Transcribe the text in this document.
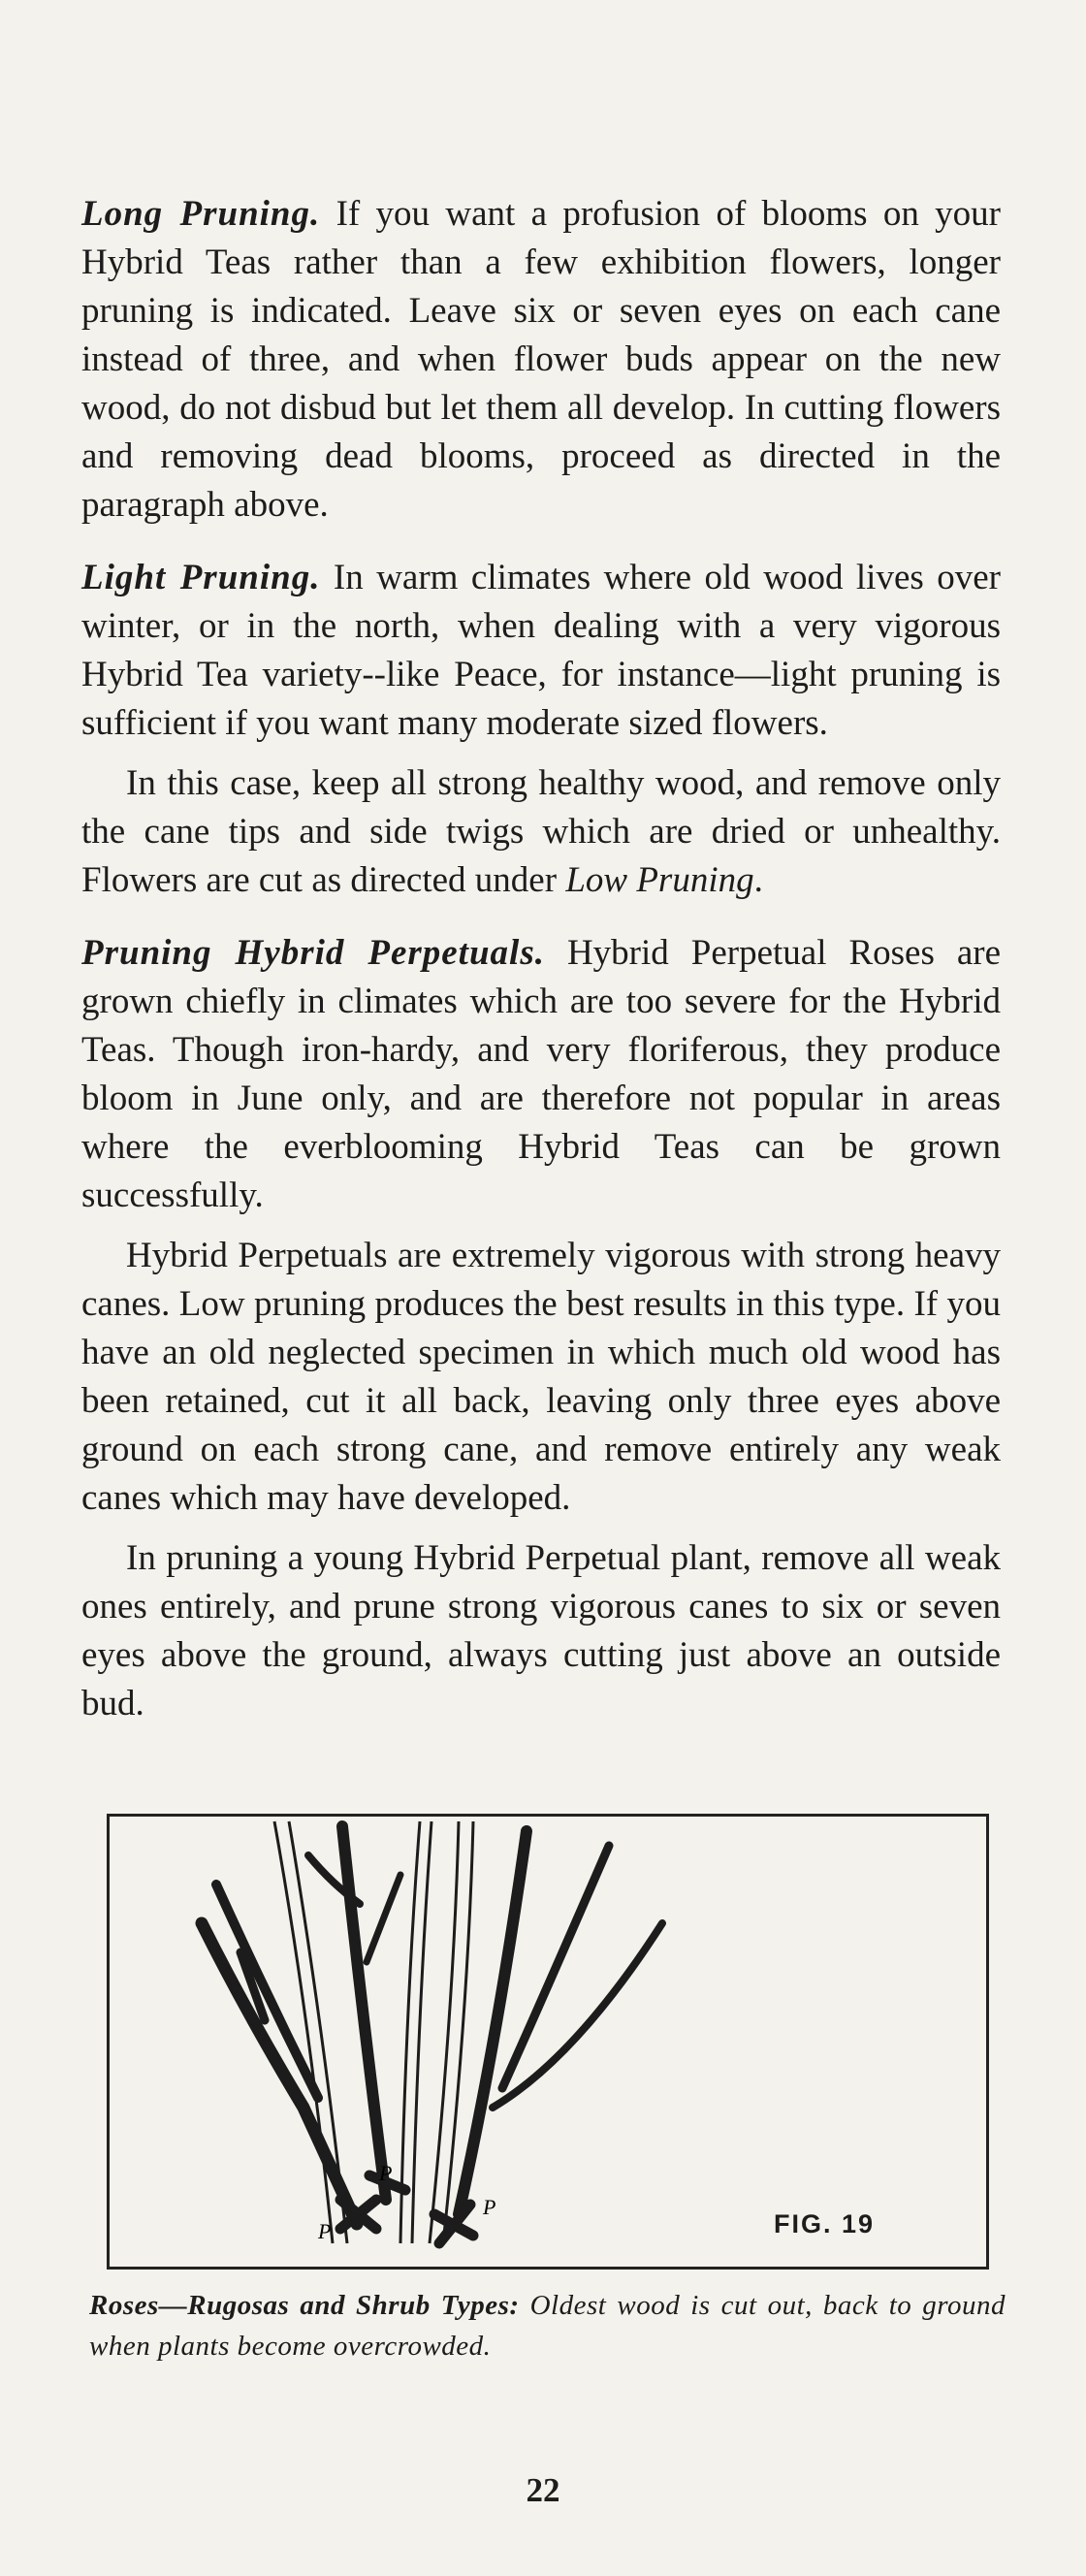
Long Pruning. If you want a profusion of blooms on your Hybrid Teas rather than a few exhibition flowers, longer pruning is indicated. Leave six or seven eyes on each cane instead of three, and when flower buds appear on the new wood, do not disbud but let them all develop. In cutting flowers and removing dead blooms, proceed as directed in the paragraph above.

Light Pruning. In warm climates where old wood lives over winter, or in the north, when dealing with a very vigorous Hybrid Tea variety--like Peace, for instance—light pruning is sufficient if you want many moderate sized flowers.

In this case, keep all strong healthy wood, and remove only the cane tips and side twigs which are dried or unhealthy. Flowers are cut as directed under Low Pruning.

Pruning Hybrid Perpetuals. Hybrid Perpetual Roses are grown chiefly in climates which are too severe for the Hybrid Teas. Though iron-hardy, and very floriferous, they produce bloom in June only, and are therefore not popular in areas where the everblooming Hybrid Teas can be grown successfully.

Hybrid Perpetuals are extremely vigorous with strong heavy canes. Low pruning produces the best results in this type. If you have an old neglected specimen in which much old wood has been retained, cut it all back, leaving only three eyes above ground on each strong cane, and remove entirely any weak canes which may have developed.

In pruning a young Hybrid Perpetual plant, remove all weak ones entirely, and prune strong vigorous canes to six or seven eyes above the ground, always cutting just above an outside bud.

P
P
P
FIG. 19
Roses—Rugosas and Shrub Types: Oldest wood is cut out, back to ground when plants become overcrowded.
22
